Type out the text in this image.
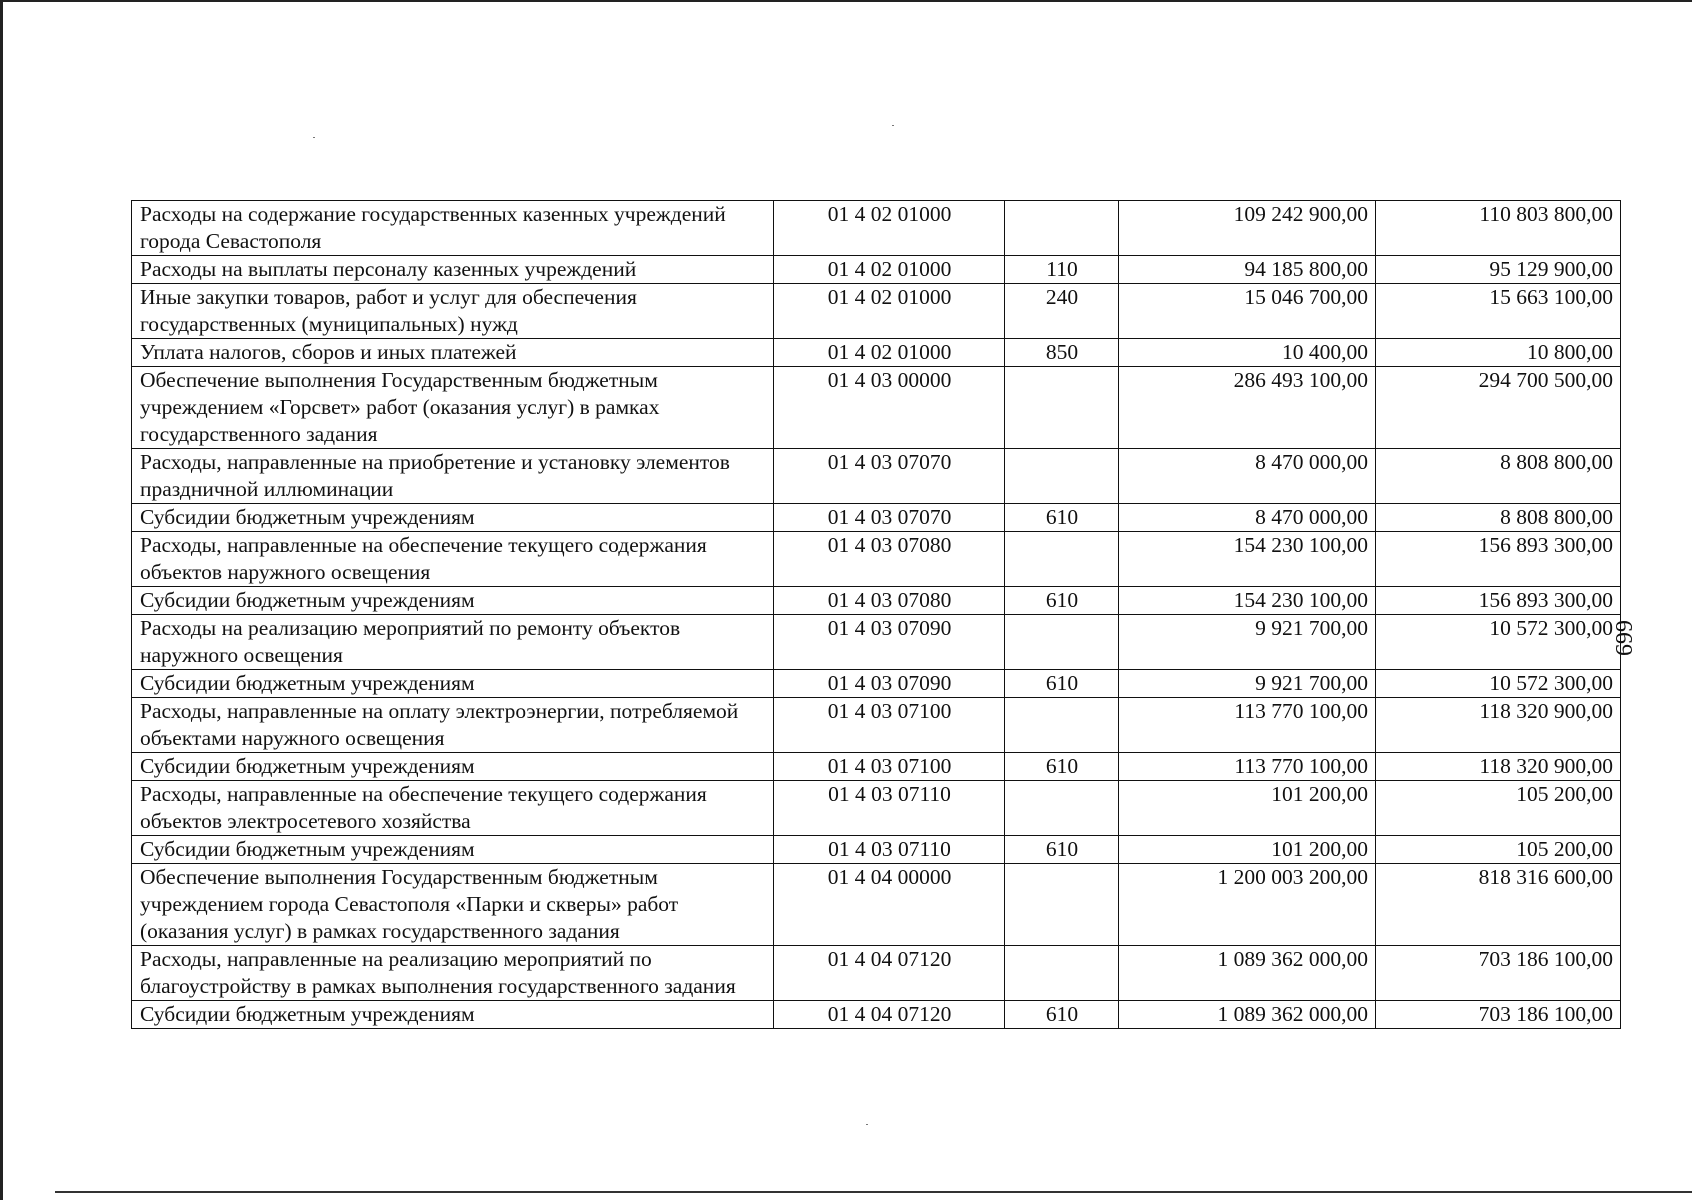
669
Расходы на содержание государственных казенных учреждений города Севастополя	01 4 02 01000		109 242 900,00	110 803 800,00
Расходы на выплаты персоналу казенных учреждений	01 4 02 01000	110	94 185 800,00	95 129 900,00
Иные закупки товаров, работ и услуг для обеспечения государственных (муниципальных) нужд	01 4 02 01000	240	15 046 700,00	15 663 100,00
Уплата налогов, сборов и иных платежей	01 4 02 01000	850	10 400,00	10 800,00
Обеспечение выполнения Государственным бюджетным учреждением «Горсвет» работ (оказания услуг) в рамках государственного задания	01 4 03 00000		286 493 100,00	294 700 500,00
Расходы, направленные на приобретение и установку элементов праздничной иллюминации	01 4 03 07070		8 470 000,00	8 808 800,00
Субсидии бюджетным учреждениям	01 4 03 07070	610	8 470 000,00	8 808 800,00
Расходы, направленные на обеспечение текущего содержания объектов наружного освещения	01 4 03 07080		154 230 100,00	156 893 300,00
Субсидии бюджетным учреждениям	01 4 03 07080	610	154 230 100,00	156 893 300,00
Расходы на реализацию мероприятий по ремонту объектов наружного освещения	01 4 03 07090		9 921 700,00	10 572 300,00
Субсидии бюджетным учреждениям	01 4 03 07090	610	9 921 700,00	10 572 300,00
Расходы, направленные на оплату электроэнергии, потребляемой объектами наружного освещения	01 4 03 07100		113 770 100,00	118 320 900,00
Субсидии бюджетным учреждениям	01 4 03 07100	610	113 770 100,00	118 320 900,00
Расходы, направленные на обеспечение текущего содержания объектов электросетевого хозяйства	01 4 03 07110		101 200,00	105 200,00
Субсидии бюджетным учреждениям	01 4 03 07110	610	101 200,00	105 200,00
Обеспечение выполнения Государственным бюджетным учреждением города Севастополя «Парки и скверы» работ (оказания услуг) в рамках государственного задания	01 4 04 00000		1 200 003 200,00	818 316 600,00
Расходы, направленные на реализацию мероприятий по благоустройству в рамках выполнения государственного задания	01 4 04 07120		1 089 362 000,00	703 186 100,00
Субсидии бюджетным учреждениям	01 4 04 07120	610	1 089 362 000,00	703 186 100,00
